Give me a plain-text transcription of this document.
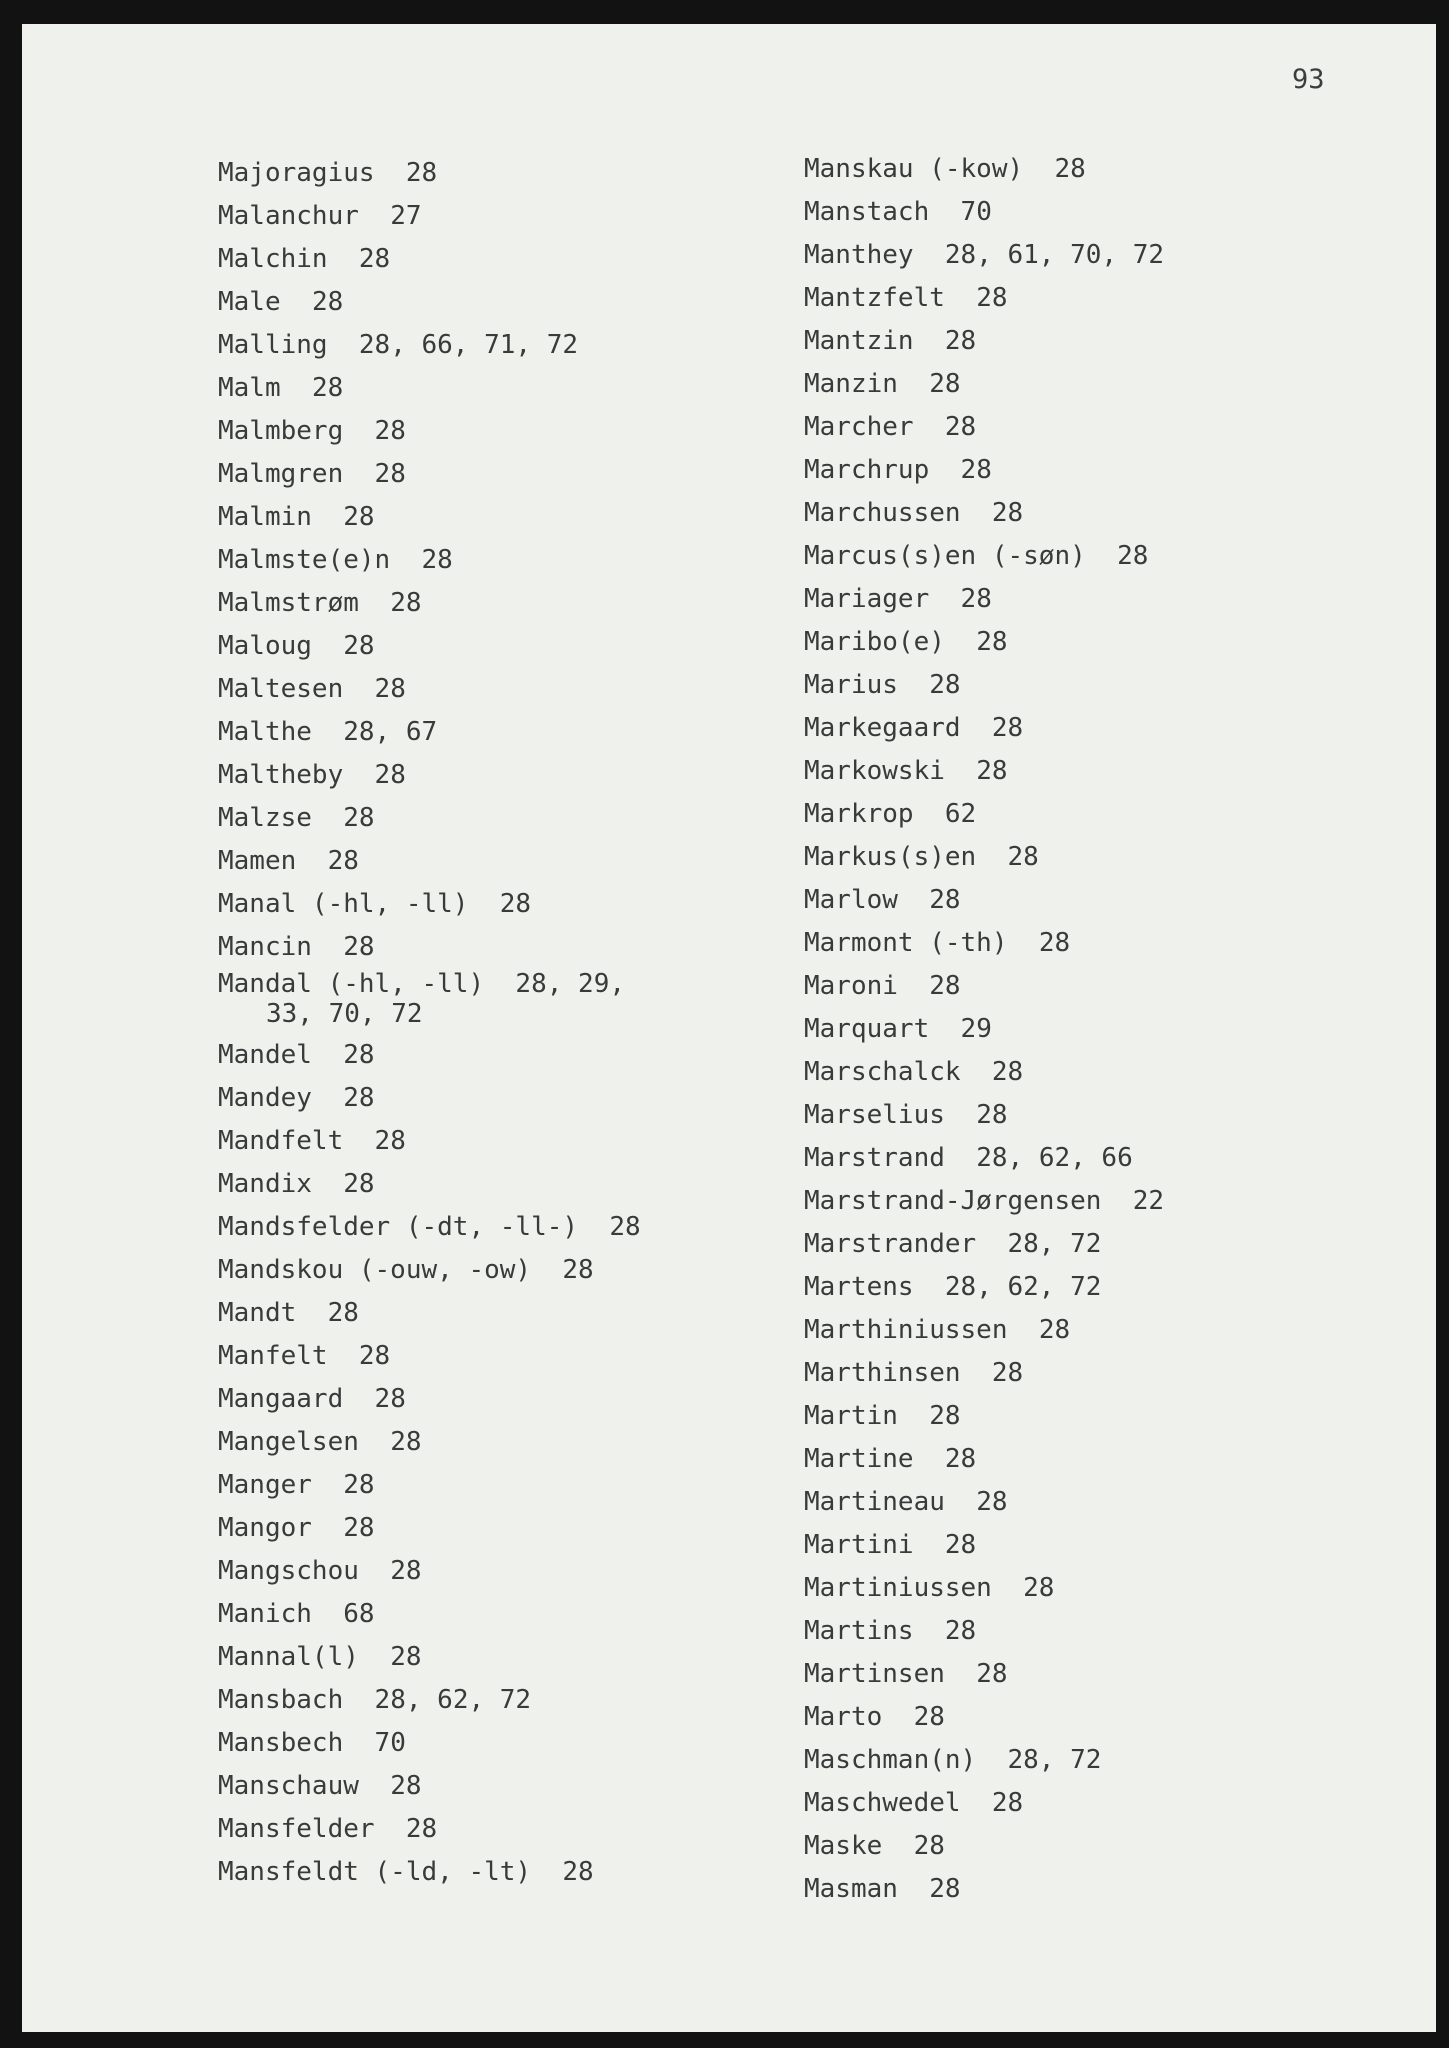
93
Majoragius 28
Malanchur 27
Malchin 28
Male 28
Malling 28, 66, 71, 72
Malm 28
Malmberg 28
Malmgren 28
Malmin 28
Malmste(e)n 28
Malmstrøm 28
Maloug 28
Maltesen 28
Malthe 28, 67
Maltheby 28
Malzse 28
Mamen 28
Manal (-hl, -ll) 28
Mancin 28
Mandal (-hl, -ll) 28, 29,
33, 70, 72
Mandel 28
Mandey 28
Mandfelt 28
Mandix 28
Mandsfelder (-dt, -ll-) 28
Mandskou (-ouw, -ow) 28
Mandt 28
Manfelt 28
Mangaard 28
Mangelsen 28
Manger 28
Mangor 28
Mangschou 28
Manich 68
Mannal(l) 28
Mansbach 28, 62, 72
Mansbech 70
Manschauw 28
Mansfelder 28
Mansfeldt (-ld, -lt) 28
Manskau (-kow) 28
Manstach 70
Manthey 28, 61, 70, 72
Mantzfelt 28
Mantzin 28
Manzin 28
Marcher 28
Marchrup 28
Marchussen 28
Marcus(s)en (-søn) 28
Mariager 28
Maribo(e) 28
Marius 28
Markegaard 28
Markowski 28
Markrop 62
Markus(s)en 28
Marlow 28
Marmont (-th) 28
Maroni 28
Marquart 29
Marschalck 28
Marselius 28
Marstrand 28, 62, 66
Marstrand-Jørgensen 22
Marstrander 28, 72
Martens 28, 62, 72
Marthiniussen 28
Marthinsen 28
Martin 28
Martine 28
Martineau 28
Martini 28
Martiniussen 28
Martins 28
Martinsen 28
Marto 28
Maschman(n) 28, 72
Maschwedel 28
Maske 28
Masman 28
